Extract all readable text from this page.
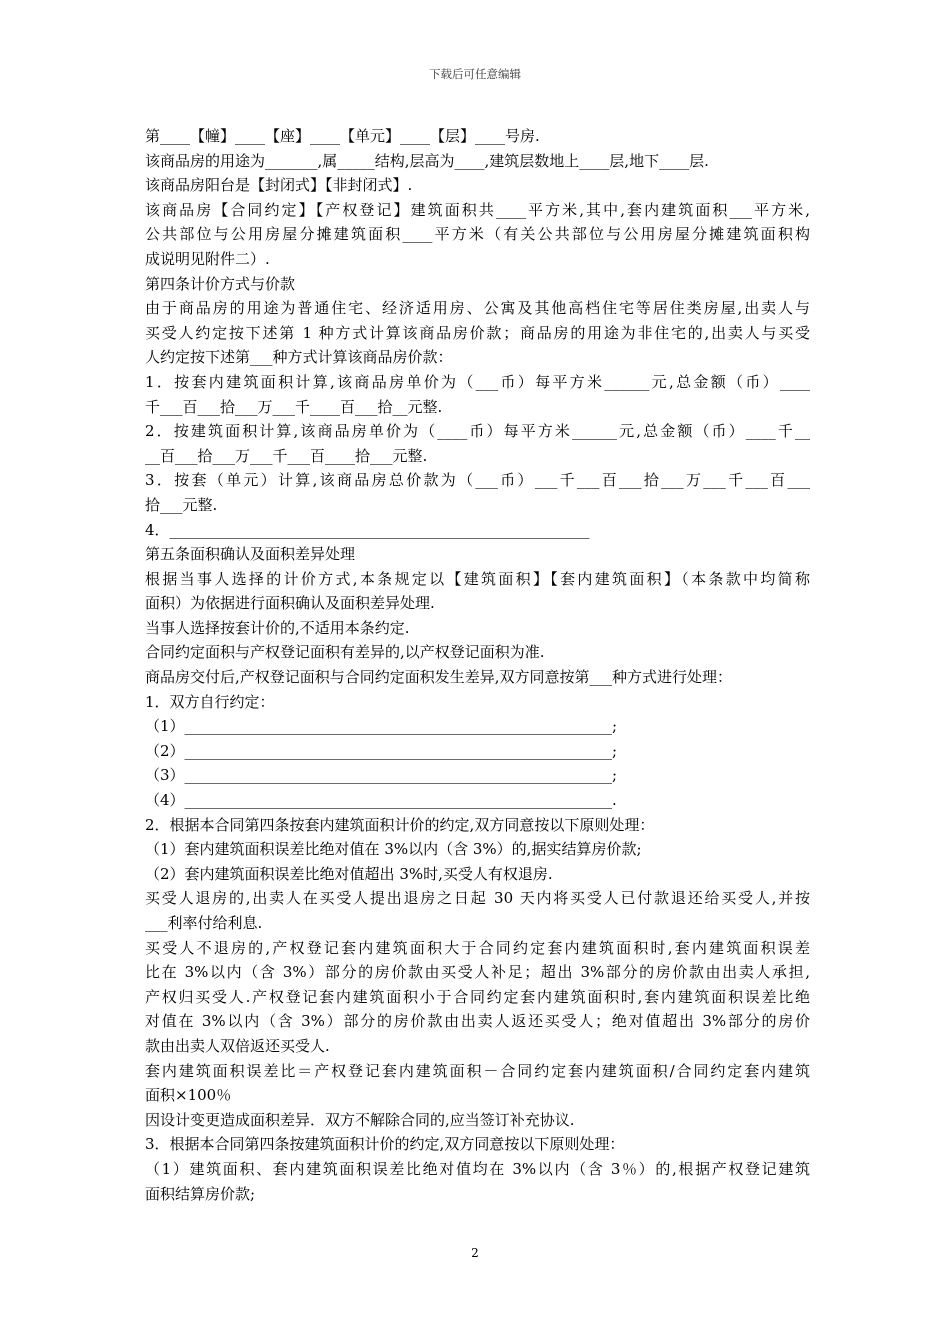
下载后可任意编辑
第____【幢】____【座】____【单元】____【层】____号房.
该商品房的用途为_______,属_____结构,层高为____,建筑层数地上____层,地下____层.
该商品房阳台是【封闭式】【非封闭式】.
该商品房【合同约定】【产权登记】建筑面积共____平方米,其中,套内建筑面积___平方米,
公共部位与公用房屋分摊建筑面积____平方米（有关公共部位与公用房屋分摊建筑面积构
成说明见附件二）.
第四条计价方式与价款
由于商品房的用途为普通住宅、经济适用房、公寓及其他高档住宅等居住类房屋,出卖人与
买受人约定按下述第 1 种方式计算该商品房价款；商品房的用途为非住宅的,出卖人与买受
人约定按下述第___种方式计算该商品房价款：
1．按套内建筑面积计算,该商品房单价为（___币）每平方米______元,总金额（币）____
千___百___拾___万___千____百___拾__元整.
2．按建筑面积计算,该商品房单价为（____币）每平方米______元,总金额（币）____千__
__百___拾___万___千___百____拾___元整.
3．按套（单元）计算,该商品房总价款为（___币）___千___百___拾___万___千___百___
拾___元整.
4．________________________________________________________
第五条面积确认及面积差异处理
根据当事人选择的计价方式,本条规定以【建筑面积】【套内建筑面积】（本条款中均简称
面积）为依据进行面积确认及面积差异处理.
当事人选择按套计价的,不适用本条约定.
合同约定面积与产权登记面积有差异的,以产权登记面积为准.
商品房交付后,产权登记面积与合同约定面积发生差异,双方同意按第___种方式进行处理：
1．双方自行约定：
（1）_________________________________________________________;
（2）_________________________________________________________;
（3）_________________________________________________________;
（4）_________________________________________________________.
2．根据本合同第四条按套内建筑面积计价的约定,双方同意按以下原则处理：
（1）套内建筑面积误差比绝对值在 3%以内（含 3%）的,据实结算房价款;
（2）套内建筑面积误差比绝对值超出 3%时,买受人有权退房.
买受人退房的,出卖人在买受人提出退房之日起 30 天内将买受人已付款退还给买受人,并按
___利率付给利息.
买受人不退房的,产权登记套内建筑面积大于合同约定套内建筑面积时,套内建筑面积误差
比在 3%以内（含 3%）部分的房价款由买受人补足；超出 3%部分的房价款由出卖人承担,
产权归买受人.产权登记套内建筑面积小于合同约定套内建筑面积时,套内建筑面积误差比绝
对值在 3%以内（含 3%）部分的房价款由出卖人返还买受人；绝对值超出 3%部分的房价
款由出卖人双倍返还买受人.
套内建筑面积误差比＝产权登记套内建筑面积－合同约定套内建筑面积/合同约定套内建筑
面积×100％
因设计变更造成面积差异．双方不解除合同的,应当签订补充协议.
3．根据本合同第四条按建筑面积计价的约定,双方同意按以下原则处理：
（1）建筑面积、套内建筑面积误差比绝对值均在 3%以内（含 3％）的,根据产权登记建筑
面积结算房价款;
2
